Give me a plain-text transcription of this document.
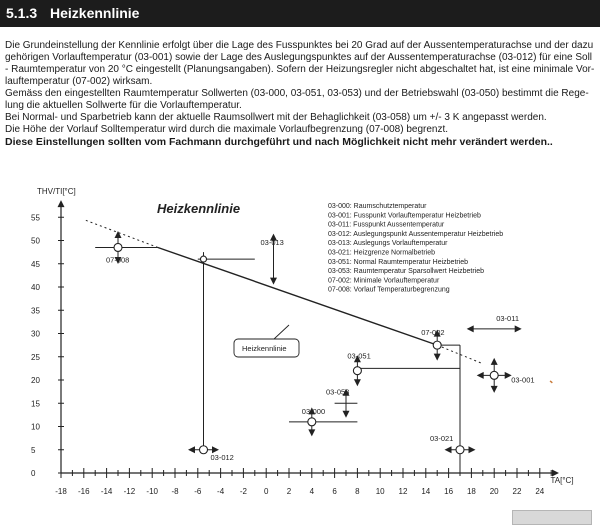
5.1.3 Heizkennlinie
Die Grundeinstellung der Kennlinie erfolgt über die Lage des Fusspunktes bei 20 Grad auf der Aussentemperaturachse und der dazu
gehörigen Vorlauftemperatur (03-001) sowie der Lage des Auslegungspunktes auf der Aussentemperaturachse (03-012) für eine Soll
- Raumtemperatur von 20 °C eingestellt (Planungsangaben). Sofern der Heizungsregler nicht abgeschaltet hat, ist eine minimale Vor-
lauftemperatur (07-002) wirksam.
Gemäss den eingestellten Raumtemperatur Sollwerten (03-000, 03-051, 03-053) und der Betriebswahl (03-050) bestimmt die Rege-
lung die aktuellen Sollwerte für die Vorlauftemperatur.
Bei Normal- und Sparbetrieb kann der aktuelle Raumsollwert mit der Behaglichkeit (03-058) um +/- 3 K angepasst werden.
Die Höhe der Vorlauf Solltemperatur wird durch die maximale Vorlaufbegrenzung (07-008) begrenzt.
Diese Einstellungen sollten vom Fachmann durchgeführt und nach Möglichkeit nicht mehr verändert werden..
THV/TI[°C]
TA[°C]
-18 -16 -14 -12 -10 -8 -6 -4 -2 0 2 4 6 8 10 12 14 16 18 20 22 24
0
5
10
15
20
25
30
35
40
45
50
55
Heizkennlinie
07-008
03-013
03-012
07-002
03-051
03-053
03-000
03-021
03-011
03-001
Heizkennlinie
03-000: Raumschutztemperatur
03-001: Fusspunkt Vorlauftemperatur Heizbetrieb
03-011: Fusspunkt Aussentemperatur
03-012: Auslegungspunkt Aussentemperatur Heizbetrieb
03-013: Auslegungs Vorlauftemperatur
03-021: Heizgrenze Normalbetrieb
03-051: Normal Raumtemperatur Heizbetrieb
03-053: Raumtemperatur Sparsollwert Heizbetrieb
07-002: Minimale Vorlauftemperatur
07-008: Vorlauf Temperaturbegrenzung
